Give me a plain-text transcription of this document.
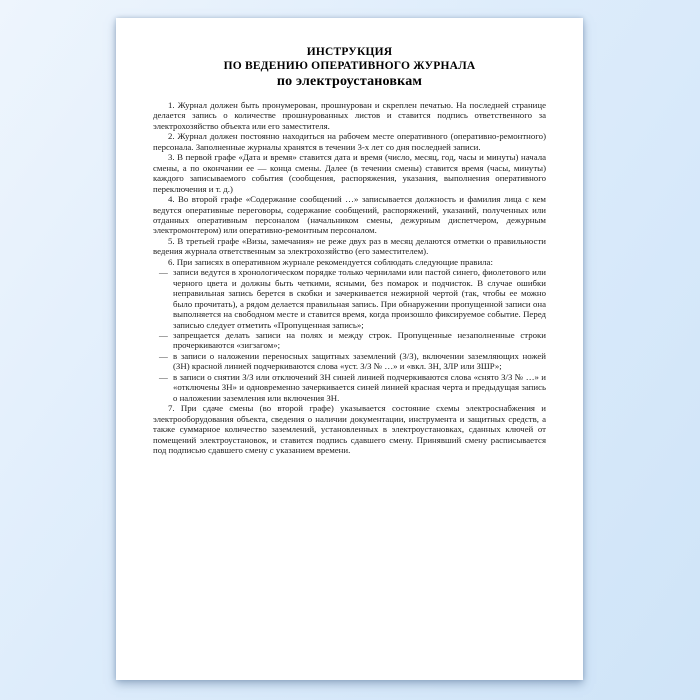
ИНСТРУКЦИЯ
ПО ВЕДЕНИЮ ОПЕРАТИВНОГО ЖУРНАЛА
по электроустановкам

1. Журнал должен быть пронумерован, прошнурован и скреплен печатью. На последней странице делается запись о количестве прошнурованных листов и ставится подпись ответственного за электрохозяйство объекта или его заместителя.

2. Журнал должен постоянно находиться на рабочем месте оперативного (оперативно-ремонтного) персонала. Заполненные журналы хранятся в течении 3-х лет со дня последней записи.

3. В первой графе «Дата и время» ставится дата и время (число, месяц, год, часы и минуты) начала смены, а по окончании ее — конца смены. Далее (в течении смены) ставится время (часы, минуты) каждого записываемого события (сообщения, распоряжения, указания, выполнения оперативного переключения и т. д.)

4. Во второй графе «Содержание сообщений …» записывается должность и фамилия лица с кем ведутся оперативные переговоры, содержание сообщений, распоряжений, указаний, полученных или отданных оперативным персоналом (начальником смены, дежурным диспетчером, дежурным электромонтером) или оперативно-ремонтным персоналом.

5. В третьей графе «Визы, замечания» не реже двух раз в месяц делаются отметки о правильности ведения журнала ответственным за электрохозяйство (его заместителем).

6. При записях в оперативном журнале рекомендуется соблюдать следующие правила:

— записи ведутся в хронологическом порядке только чернилами или пастой синего, фиолетового или черного цвета и должны быть четкими, ясными, без помарок и подчисток. В случае ошибки неправильная запись берется в скобки и зачеркивается нежирной чертой (так, чтобы ее можно было прочитать), а рядом делается правильная запись. При обнаружении пропущенной записи она выполняется на свободном месте и ставится время, когда произошло фиксируемое событие. Перед записью следует отметить «Пропущенная запись»;
— запрещается делать записи на полях и между строк. Пропущенные незаполненные строки прочеркиваются «зигзагом»;
— в записи о наложении переносных защитных заземлений (З/З), включении заземляющих ножей (ЗН) красной линией подчеркиваются слова «уст. З/З № …» и «вкл. ЗН, ЗЛР или ЗШР»;
— в записи о снятии З/З или отключений ЗН синей линией подчеркиваются слова «снято З/З № …» и «отключены ЗН» и одновременно зачеркивается синей линией красная черта и предыдущая запись о наложении заземления или включения ЗН.

7. При сдаче смены (во второй графе) указывается состояние схемы электроснабжения и электрооборудования объекта, сведения о наличии документации, инструмента и защитных средств, а также суммарное количество заземлений, установленных в электроустановках, сданных ключей от помещений электроустановок, и ставится подпись сдавшего смену. Принявший смену расписывается под подписью сдавшего смену с указанием времени.
